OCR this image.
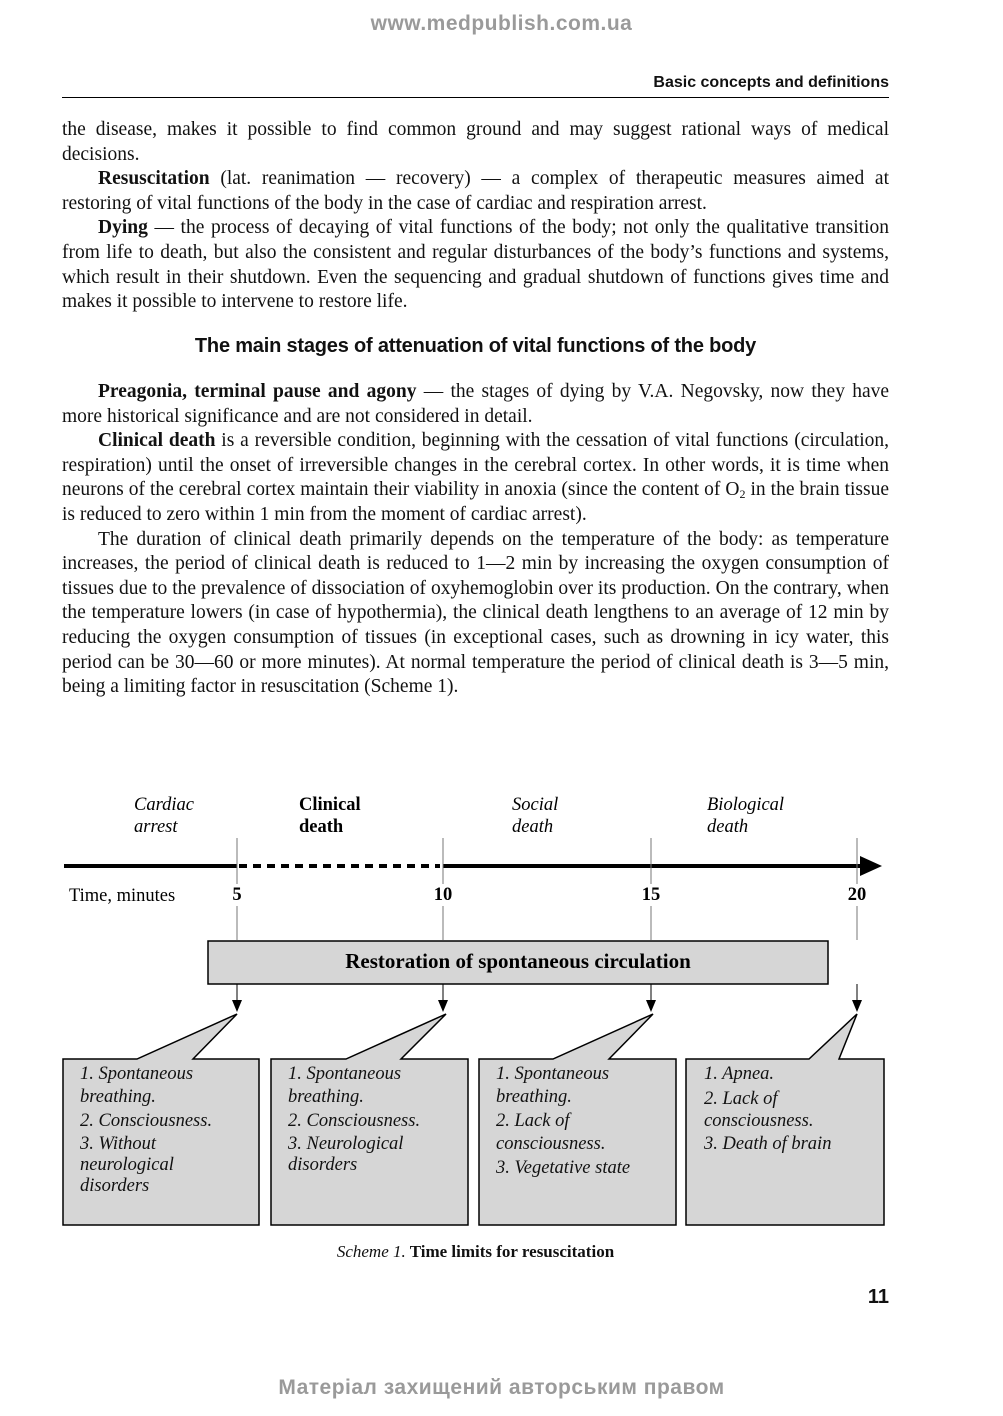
www.medpublish.com.ua
Basic concepts and definitions

the disease, makes it possible to find common ground and may suggest rational ways of medical decisions.

Resuscitation (lat. reanimation — recovery) — a complex of therapeutic measures aimed at restoring of vital functions of the body in the case of cardiac and respiration arrest.

Dying — the process of decaying of vital functions of the body; not only the qualitative transition from life to death, but also the consistent and regular disturbances of the body’s functions and systems, which result in their shutdown. Even the sequencing and gradual shutdown of functions gives time and makes it possible to intervene to restore life.

The main stages of attenuation of vital functions of the body

Preagonia, terminal pause and agony — the stages of dying by V.A. Negovsky, now they have more historical significance and are not considered in detail.

Clinical death is a reversible condition, beginning with the cessation of vital functions (circulation, respiration) until the onset of irreversible changes in the cerebral cortex. In other words, it is time when neurons of the cerebral cortex maintain their viability in anoxia (since the content of $O_2$ in the brain tissue is reduced to zero within 1 min from the moment of cardiac arrest).

The duration of clinical death primarily depends on the temperature of the body: as temperature increases, the period of clinical death is reduced to 1—2 min by increasing the oxygen consumption of tissues due to the prevalence of dissociation of oxyhemoglobin over its production. On the contrary, when the temperature lowers (in case of hypothermia), the clinical death lengthens to an average of 12 min by reducing the oxygen consumption of tissues (in exceptional cases, such as drowning in icy water, this period can be 30—60 or more minutes). At normal temperature the period of clinical death is 3—5 min, being a limiting factor in resuscitation (Scheme 1).

Cardiac
arrest
Clinical
death
Social
death
Biological
death
Time, minutes	5	10	15	20
Restoration of spontaneous circulation
1. Spontaneous
breathing.
2. Consciousness.
3. Without
neurological
disorders
1. Spontaneous
breathing.
2. Consciousness.
3. Neurological
disorders
1. Spontaneous
breathing.
2. Lack of
consciousness.
3. Vegetative state
1. Apnea.
2. Lack of
consciousness.
3. Death of brain
Scheme 1. Time limits for resuscitation
11
Матеріал захищений авторським правом
